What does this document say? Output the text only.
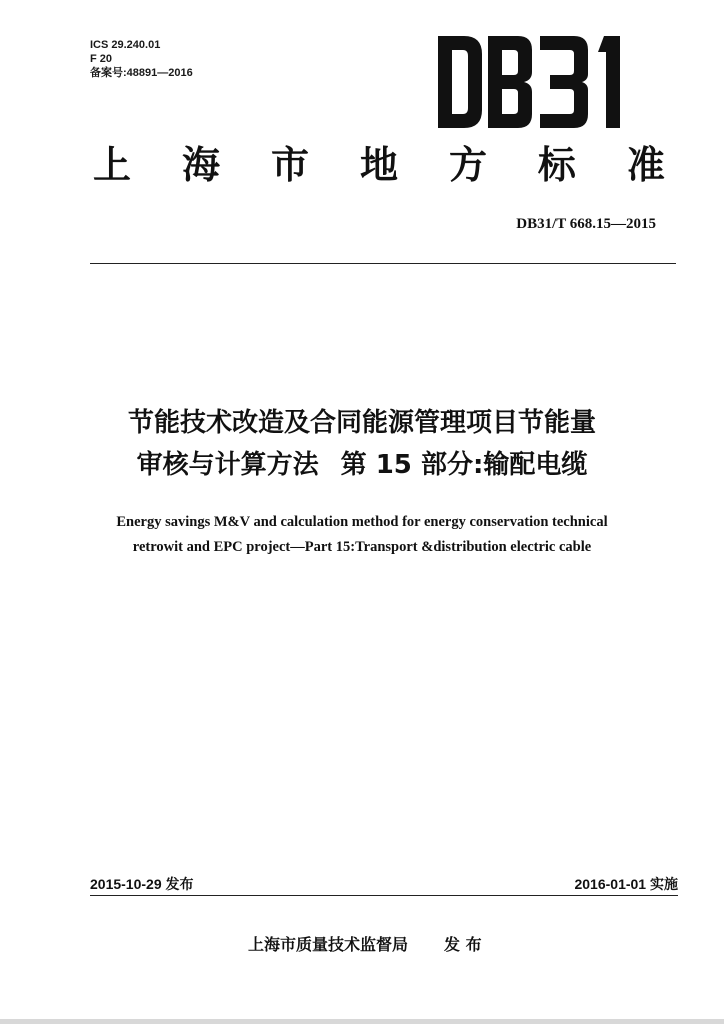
ICS 29.240.01
F 20
备案号:48891—2016
上 海 市 地 方 标 准
DB31/T 668.15—2015
节能技术改造及合同能源管理项目节能量
审核与计算方法 第 15 部分:输配电缆
Energy savings M&V and calculation method for energy conservation technical
retrowit and EPC project—Part 15:Transport &distribution electric cable
2015-10-29 发布	2016-01-01 实施
上海市质量技术监督局 发 布
